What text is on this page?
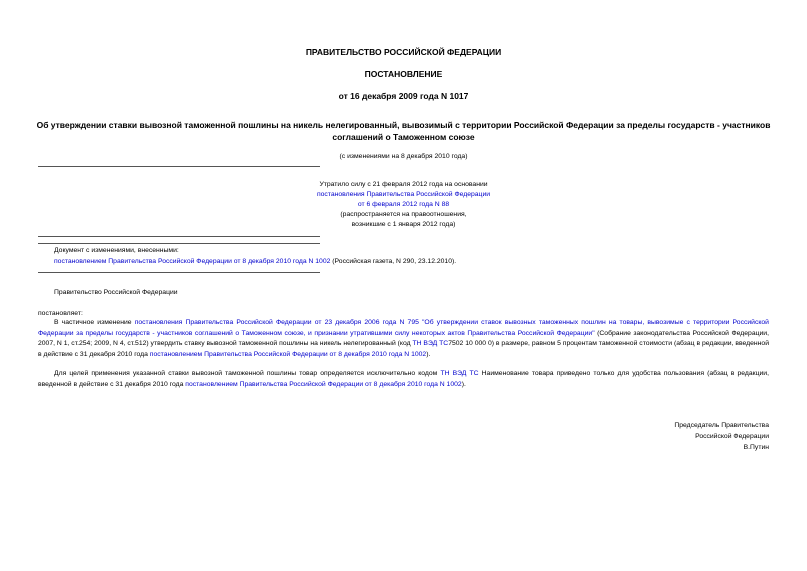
ПРАВИТЕЛЬСТВО РОССИЙСКОЙ ФЕДЕРАЦИИ
ПОСТАНОВЛЕНИЕ
от 16 декабря 2009 года N 1017
Об утверждении ставки вывозной таможенной пошлины на никель нелегированный, вывозимый с территории Российской Федерации за пределы государств - участников соглашений о Таможенном союзе
(с изменениями на 8 декабря 2010 года)
Утратило силу с 21 февраля 2012 года на основании
постановления Правительства Российской Федерации
от 6 февраля 2012 года N 88
(распространяется на правоотношения,
возникшие с 1 января 2012 года)
Документ с изменениями, внесенными:
постановлением Правительства Российской Федерации от 8 декабря 2010 года N 1002 (Российская газета, N 290, 23.12.2010).
Правительство Российской Федерации
постановляет:
В частичное изменение постановления Правительства Российской Федерации от 23 декабря 2006 года N 795 "Об утверждении ставок вывозных таможенных пошлин на товары, вывозимые с территории Российской Федерации за пределы государств - участников соглашений о Таможенном союзе, и признании утратившими силу некоторых актов Правительства Российской Федерации" (Собрание законодательства Российской Федерации, 2007, N 1, ст.254; 2009, N 4, ст.512) утвердить ставку вывозной таможенной пошлины на никель нелегированный (код ТН ВЭД ТС7502 10 000 0) в размере, равном 5 процентам таможенной стоимости (абзац в редакции, введенной в действие с 31 декабря 2010 года постановлением Правительства Российской Федерации от 8 декабря 2010 года N 1002).
Для целей применения указанной ставки вывозной таможенной пошлины товар определяется исключительно кодом ТН ВЭД ТС Наименование товара приведено только для удобства пользования (абзац в редакции, введенной в действие с 31 декабря 2010 года постановлением Правительства Российской Федерации от 8 декабря 2010 года N 1002).
Председатель Правительства
Российской Федерации
В.Путин
